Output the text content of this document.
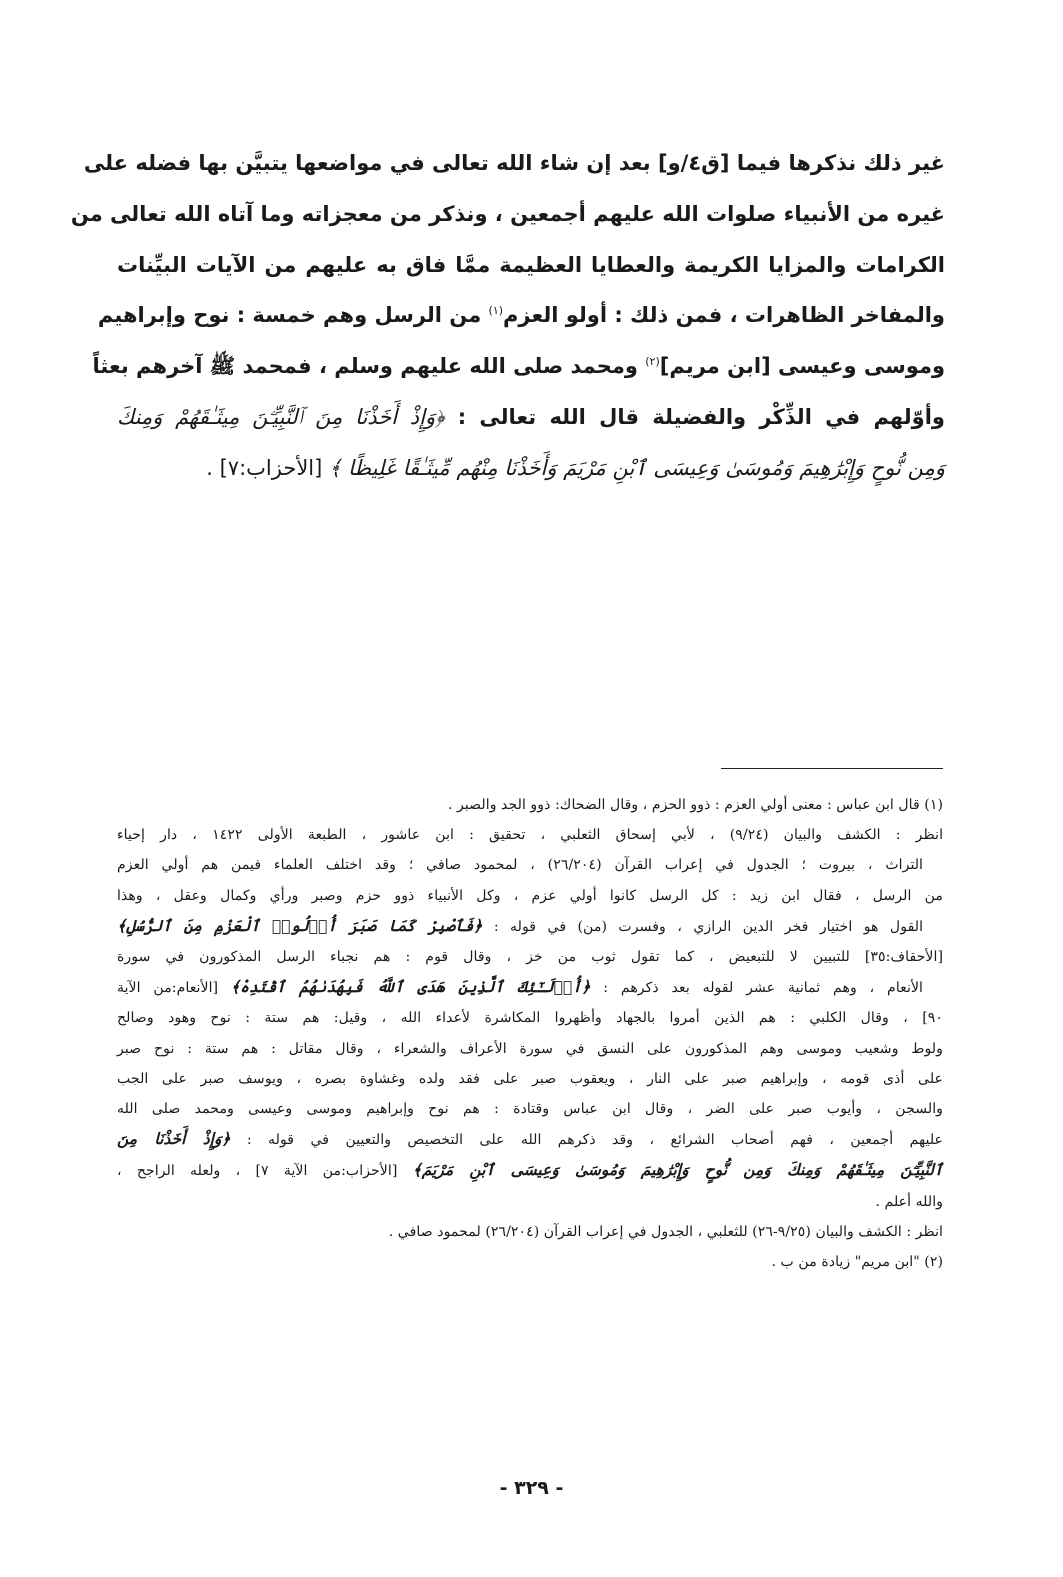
غير ذلك نذكرها فيما [ق٤/و] بعد إن شاء الله تعالى في مواضعها يتبيَّن بها فضله على
غيره من الأنبياء صلوات الله عليهم أجمعين ، ونذكر من معجزاته وما آتاه الله تعالى من
الكرامات والمزايا الكريمة والعطايا العظيمة ممَّا فاق به عليهم من الآيات البيِّنات
والمفاخر الظاهرات ، فمن ذلك : أولو العزم$^{(١)}$ من الرسل وهم خمسة : نوح وإبراهيم
وموسى وعيسى [ابن مريم]$^{(٢)}$ ومحمد صلى الله عليهم وسلم ، فمحمد ﷺ آخرهم بعثاً
وأوّلهم في الذِّكْر والفضيلة قال الله تعالى : ﴿وَإِذْ أَخَذْنَا مِنَ ٱلنَّبِيِّـۧنَ مِيثَـٰقَهُمْ وَمِنكَ
وَمِن نُّوحٍ وَإِبْرَٰهِيمَ وَمُوسَىٰ وَعِيسَى ٱبْنِ مَرْيَمَ وَأَخَذْنَا مِنْهُم مِّيثَـٰقًا غَلِيظًا ﴾ [الأحزاب:٧] .
(١) قال ابن عباس : معنى أولي العزم : ذوو الحزم ، وقال الضحاك: ذوو الجد والصبر .
انظر : الكشف والبيان (٩/٢٤) ، لأبي إسحاق الثعلبي ، تحقيق : ابن عاشور ، الطبعة الأولى ١٤٢٢ ، دار إحياء
التراث ، بيروت ؛ الجدول في إعراب القرآن (٢٦/٢٠٤) ، لمحمود صافي ؛ وقد اختلف العلماء فيمن هم أولي العزم
من الرسل ، فقال ابن زيد : كل الرسل كانوا أولي عزم ، وكل الأنبياء ذوو حزم وصبر ورأي وكمال وعقل ، وهذا
القول هو اختيار فخر الدين الرازي ، وفسرت (من) في قوله : ﴿فَٱصْبِرْ كَمَا صَبَرَ أُو۟لُوا۟ ٱلْعَزْمِ مِنَ ٱلرُّسُلِ﴾
[الأحقاف:٣٥] للتبيين لا للتبعيض ، كما تقول ثوب من خز ، وقال قوم : هم نجباء الرسل المذكورون في سورة
الأنعام ، وهم ثمانية عشر لقوله بعد ذكرهم : ﴿أُو۟لَـٰٓئِكَ ٱلَّذِينَ هَدَى ٱللَّهُ فَبِهُدَىٰهُمُ ٱقْتَدِهْ﴾ [الأنعام:من الآية
٩٠] ، وقال الكلبي : هم الذين أمروا بالجهاد وأظهروا المكاشرة لأعداء الله ، وقيل: هم ستة : نوح وهود وصالح
ولوط وشعيب وموسى وهم المذكورون على النسق في سورة الأعراف والشعراء ، وقال مقاتل : هم ستة : نوح صبر
على أذى قومه ، وإبراهيم صبر على النار ، ويعقوب صبر على فقد ولده وغشاوة بصره ، ويوسف صبر على الجب
والسجن ، وأيوب صبر على الضر ، وقال ابن عباس وقتادة : هم نوح وإبراهيم وموسى وعيسى ومحمد صلى الله
عليهم أجمعين ، فهم أصحاب الشرائع ، وقد ذكرهم الله على التخصيص والتعيين في قوله : ﴿وَإِذْ أَخَذْنَا مِنَ
ٱلنَّبِيِّـۧنَ مِيثَـٰقَهُمْ وَمِنكَ وَمِن نُّوحٍ وَإِبْرَٰهِيمَ وَمُوسَىٰ وَعِيسَى ٱبْنِ مَرْيَمَ﴾ [الأحزاب:من الآية ٧] ، ولعله الراجح ،
والله أعلم .
انظر : الكشف والبيان (٩/٢٥-٢٦) للثعلبي ، الجدول في إعراب القرآن (٢٦/٢٠٤) لمحمود صافي .
(٢) "ابن مريم" زيادة من ب .
- ٣٢٩ -
